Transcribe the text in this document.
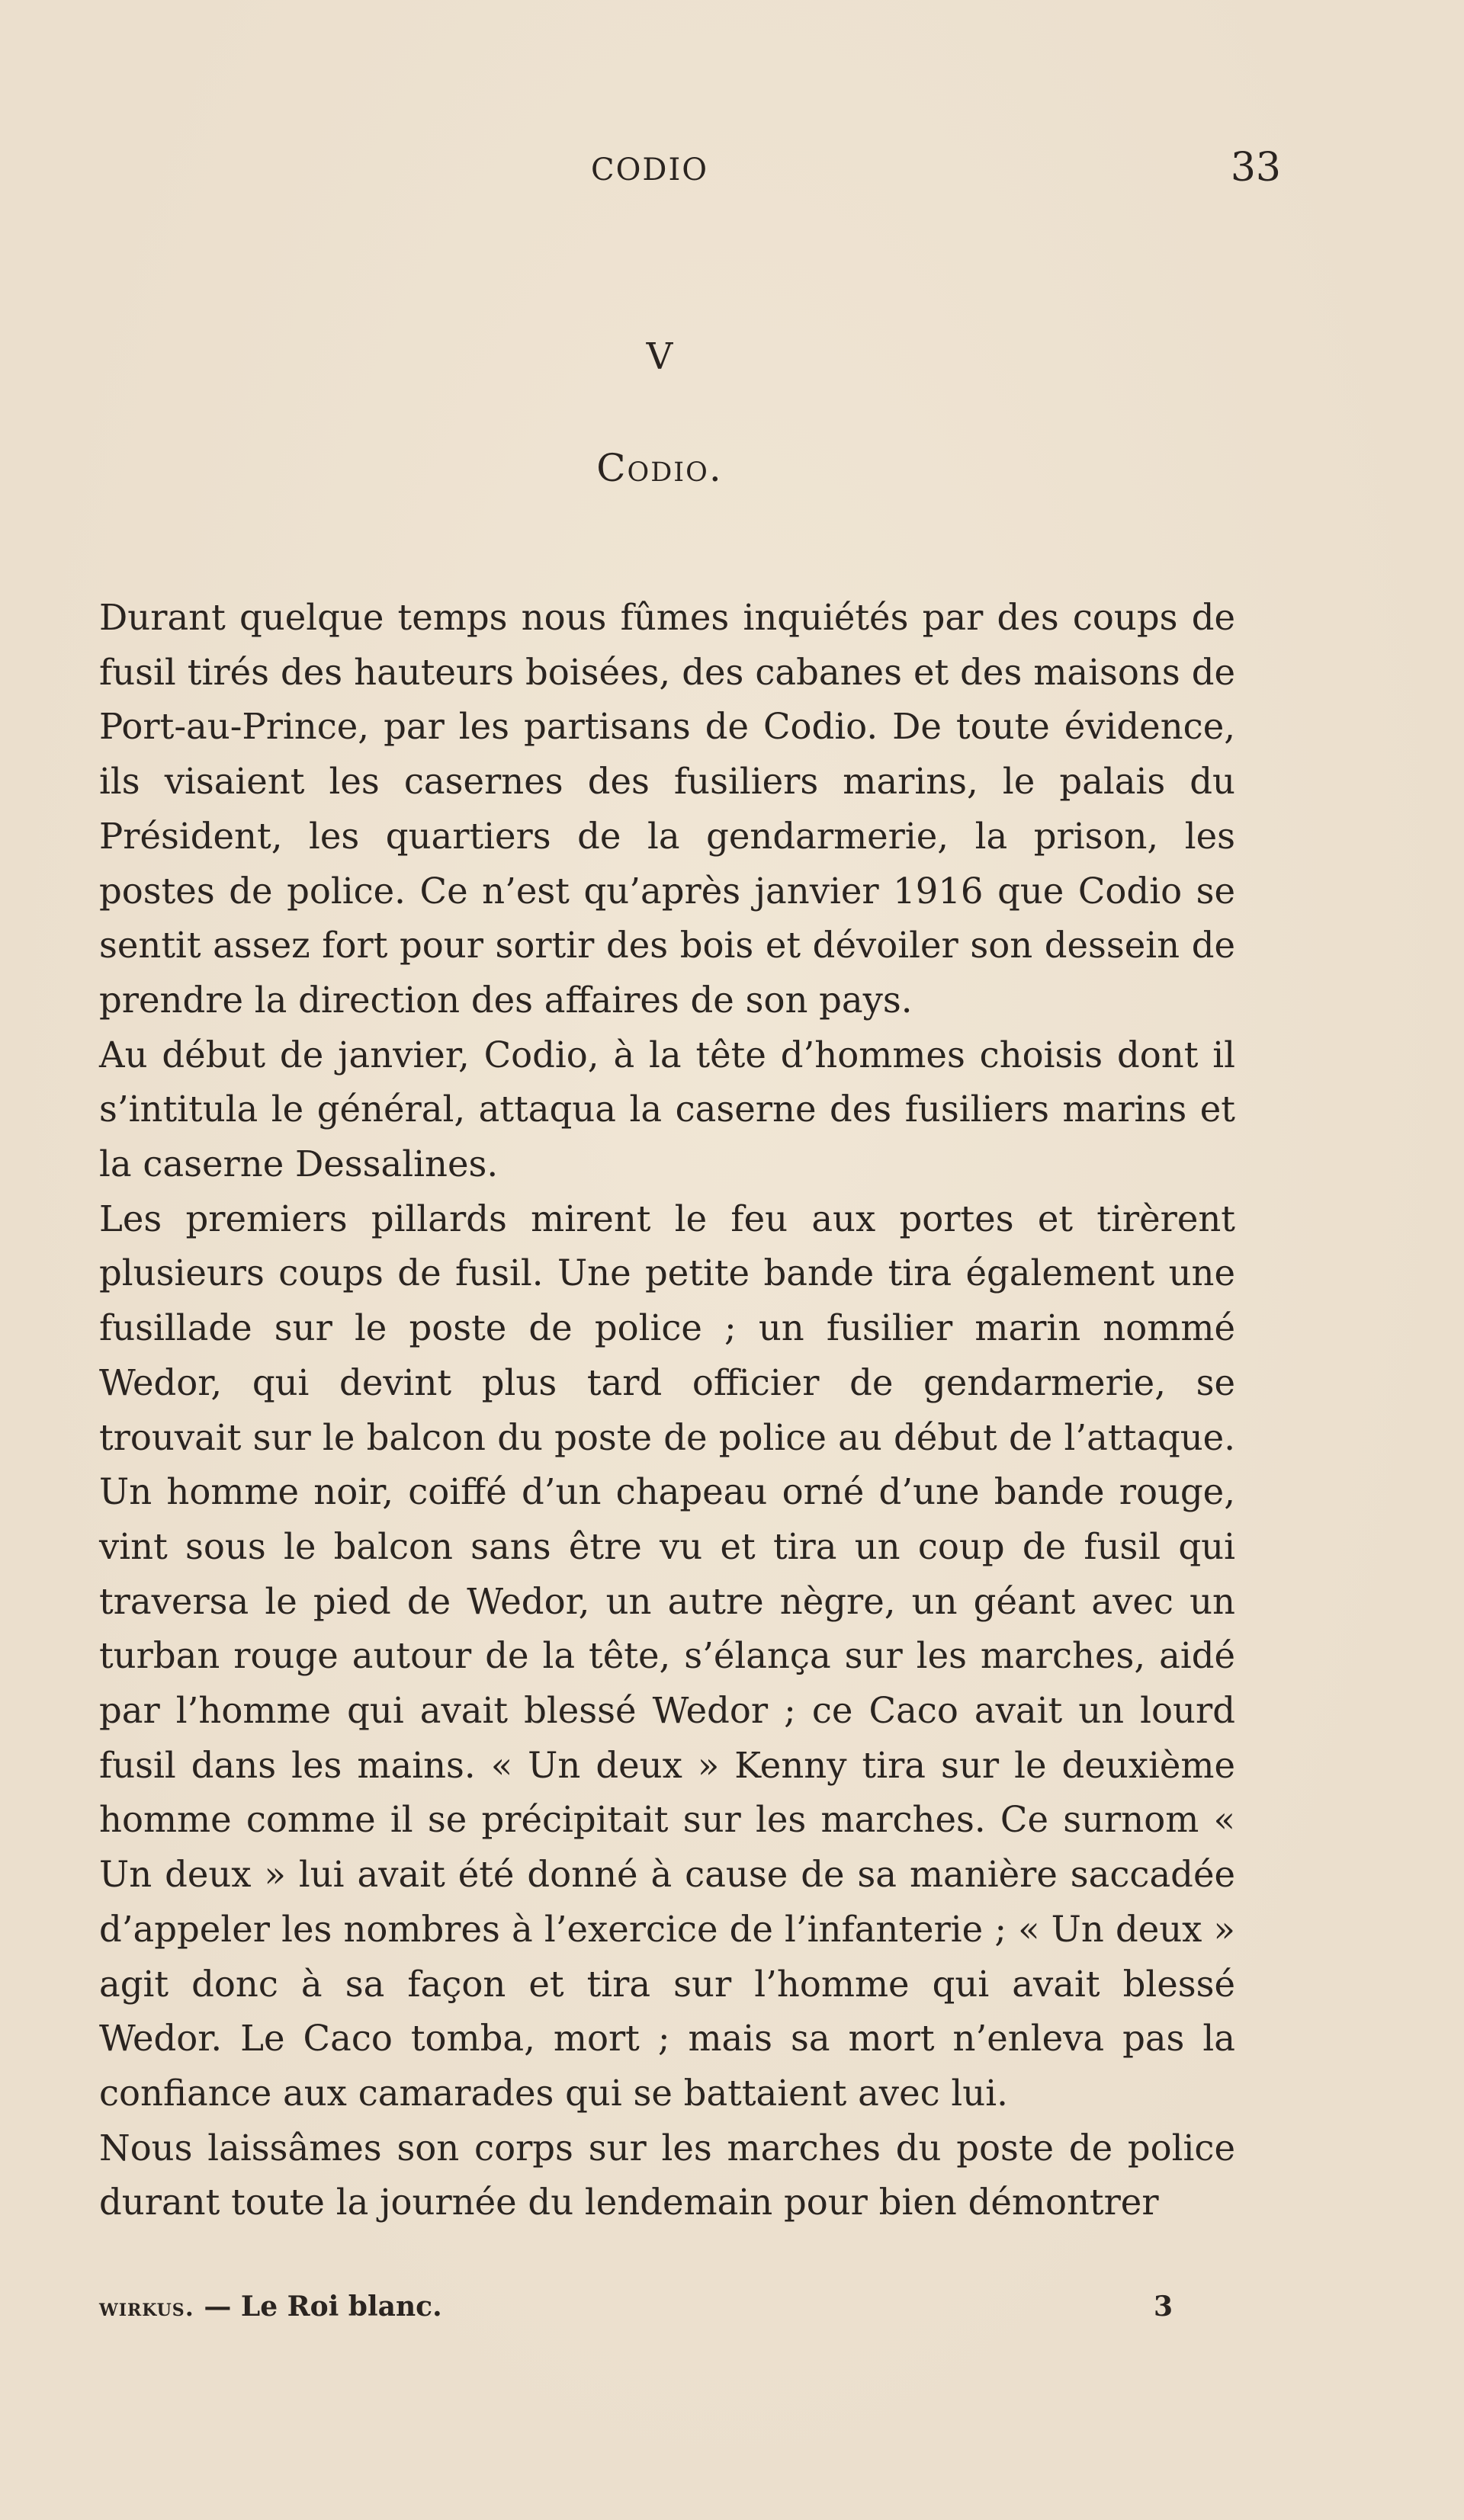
CODIO	33
V
Codio.

Durant quelque temps nous fûmes inquiétés par des coups de fusil tirés des hauteurs boisées, des cabanes et des maisons de Port-au-Prince, par les partisans de Codio. De toute évidence, ils visaient les casernes des fusiliers marins, le palais du Président, les quartiers de la gendarmerie, la prison, les postes de police. Ce n’est qu’après janvier 1916 que Codio se sentit assez fort pour sortir des bois et dévoiler son dessein de prendre la direction des affaires de son pays.

Au début de janvier, Codio, à la tête d’hommes choisis dont il s’intitula le général, attaqua la caserne des fusiliers marins et la caserne Dessalines.

Les premiers pillards mirent le feu aux portes et tirèrent plusieurs coups de fusil. Une petite bande tira également une fusillade sur le poste de police ; un fusilier marin nommé Wedor, qui devint plus tard officier de gendarmerie, se trouvait sur le balcon du poste de police au début de l’attaque. Un homme noir, coiffé d’un chapeau orné d’une bande rouge, vint sous le balcon sans être vu et tira un coup de fusil qui traversa le pied de Wedor, un autre nègre, un géant avec un turban rouge autour de la tête, s’élança sur les marches, aidé par l’homme qui avait blessé Wedor ; ce Caco avait un lourd fusil dans les mains. « Un deux » Kenny tira sur le deuxième homme comme il se précipitait sur les marches. Ce surnom « Un deux » lui avait été donné à cause de sa manière saccadée d’appeler les nombres à l’exercice de l’infanterie ; « Un deux » agit donc à sa façon et tira sur l’homme qui avait blessé Wedor. Le Caco tomba, mort ; mais sa mort n’enleva pas la confiance aux camarades qui se battaient avec lui.

Nous laissâmes son corps sur les marches du poste de police durant toute la journée du lendemain pour bien démontrer

wirkus. — Le Roi blanc.	3
